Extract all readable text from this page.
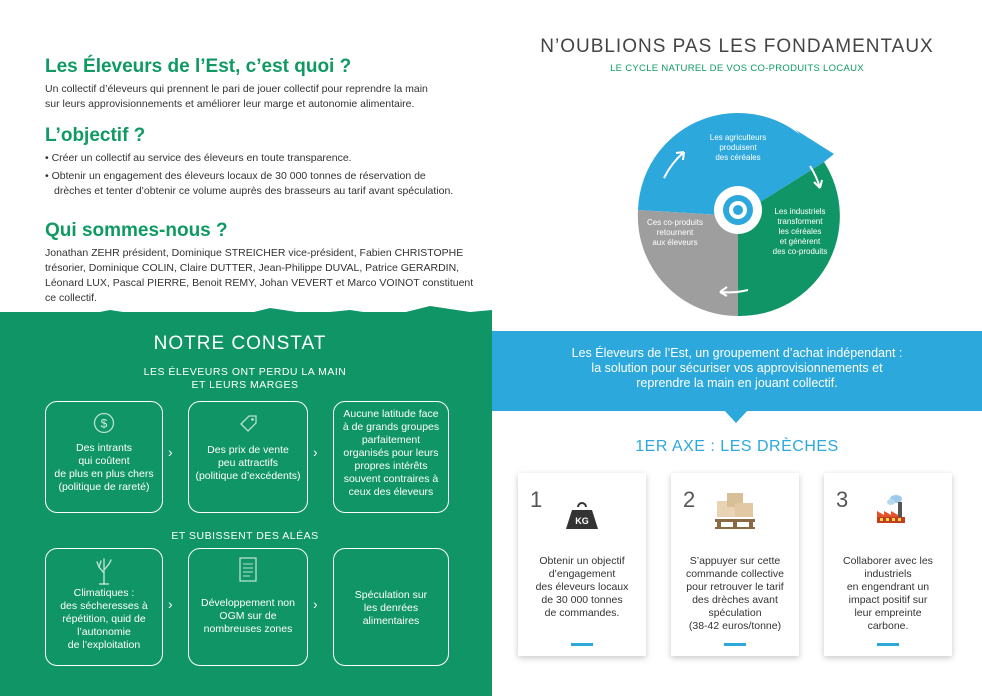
Les Éleveurs de l’Est, c’est quoi ?

Un collectif d’éleveurs qui prennent le pari de jouer collectif pour reprendre la main

sur leurs approvisionnements et améliorer leur marge et autonomie alimentaire.

L’objectif ?

• Créer un collectif au service des éleveurs en toute transparence.

• Obtenir un engagement des éleveurs locaux de 30 000 tonnes de réservation de

drèches et tenter d’obtenir ce volume auprès des brasseurs au tarif avant spéculation.

Qui sommes-nous ?

Jonathan ZEHR président, Dominique STREICHER vice-président, Fabien CHRISTOPHE

trésorier, Dominique COLIN, Claire DUTTER, Jean-Philippe DUVAL, Patrice GERARDIN,

Léonard LUX, Pascal PIERRE, Benoit REMY, Johan VEVERT et Marco VOINOT constituent

ce collectif.

NOTRE CONSTAT
LES ÉLEVEURS ONT PERDU LA MAIN
ET LEURS MARGES
$
Des intrants
qui coûtent
de plus en plus chers
(politique de rareté)
›	Des prix de vente
peu attractifs
(politique d’excédents)
›
Aucune latitude face
à de grands groupes
parfaitement
organisés pour leurs
propres intérêts
souvent contraires à
ceux des éleveurs
ET SUBISSENT DES ALÉAS
Climatiques :
des sécheresses à
répétition, quid de
l’autonomie
de l’exploitation
›	Développement non
OGM sur de
nombreuses zones
›
Spéculation sur
les denrées
alimentaires
N’OUBLIONS PAS LES FONDAMENTAUX
LE CYCLE NATUREL DE VOS CO-PRODUITS LOCAUX
Les agriculteurs
produisent
des céréales
Les industriels
transforment
les céréales
et génèrent
des co-produits
Ces co-produits
retournent
aux éleveurs
Les Éleveurs de l’Est, un groupement d’achat indépendant :
la solution pour sécuriser vos approvisionnements et
reprendre la main en jouant collectif.
1ER AXE : LES DRÈCHES
1
KG
Obtenir un objectif
d’engagement
des éleveurs locaux
de 30 000 tonnes
de commandes.
2
S’appuyer sur cette
commande collective
pour retrouver le tarif
des drèches avant
spéculation
(38-42 euros/tonne)
3
Collaborer avec les
industriels
en engendrant un
impact positif sur
leur empreinte
carbone.
